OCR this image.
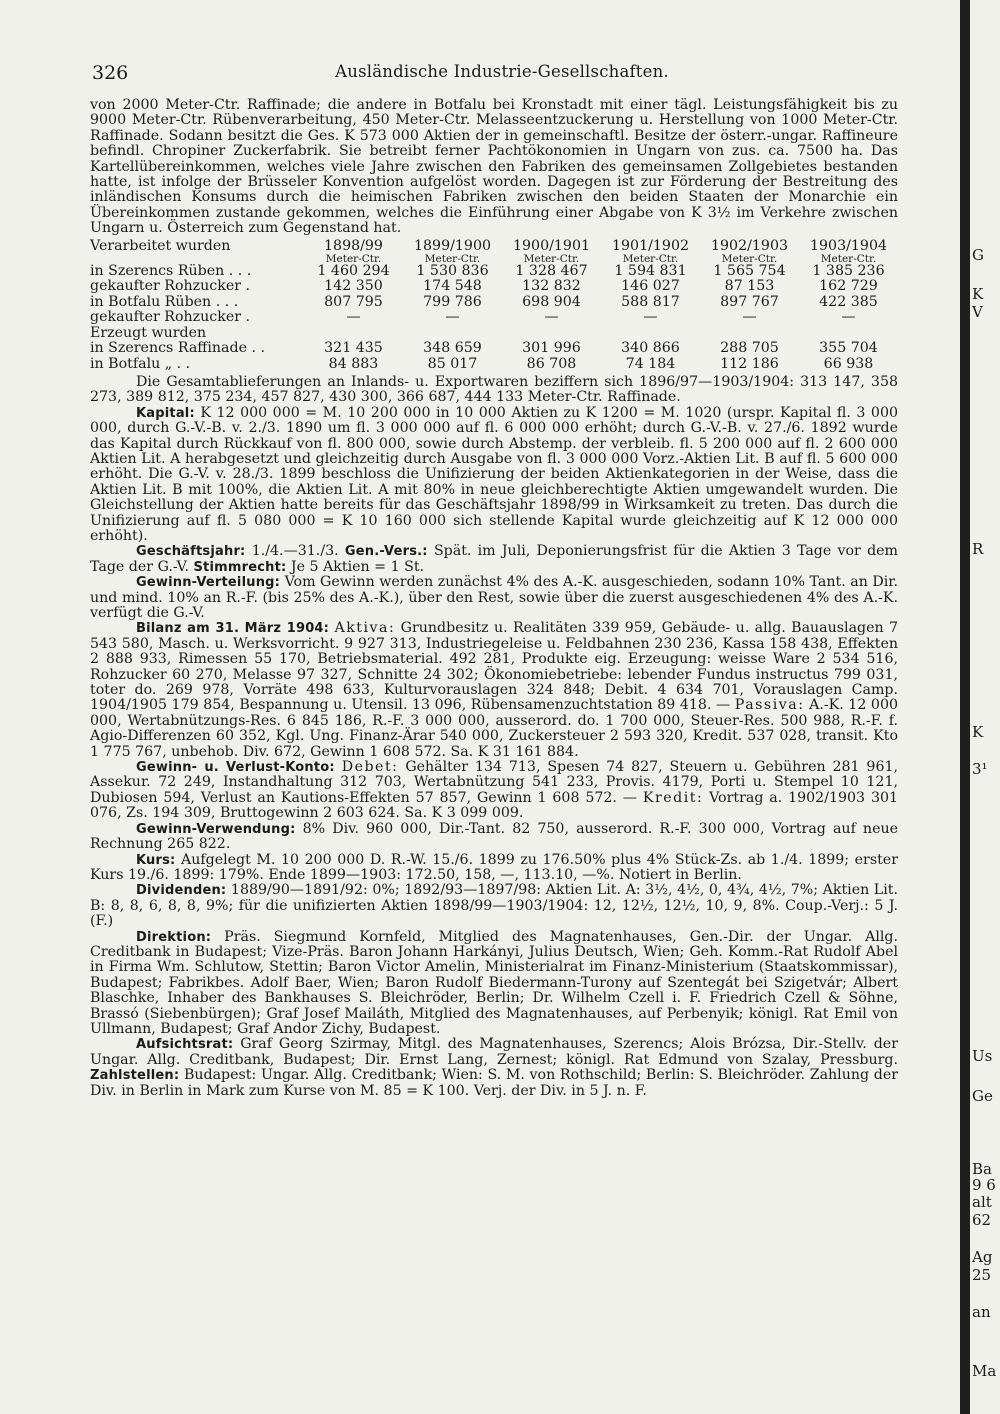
326	Ausländische Industrie-Gesellschaften.

von 2000 Meter-Ctr. Raffinade; die andere in Botfalu bei Kronstadt mit einer tägl. Leistungsfähigkeit bis zu 9000 Meter-Ctr. Rübenverarbeitung, 450 Meter-Ctr. Melasseentzuckerung u. Herstellung von 1000 Meter-Ctr. Raffinade. Sodann besitzt die Ges. K 573 000 Aktien der in gemeinschaftl. Besitze der österr.-ungar. Raffineure befindl. Chropiner Zuckerfabrik. Sie betreibt ferner Pachtökonomien in Ungarn von zus. ca. 7500 ha. Das Kartellübereinkommen, welches viele Jahre zwischen den Fabriken des gemeinsamen Zollgebietes bestanden hatte, ist infolge der Brüsseler Konvention aufgelöst worden. Dagegen ist zur Förderung der Bestreitung des inländischen Konsums durch die heimischen Fabriken zwischen den beiden Staaten der Monarchie ein Übereinkommen zustande gekommen, welches die Einführung einer Abgabe von K 3½ im Verkehre zwischen Ungarn u. Österreich zum Gegenstand hat.

Verarbeitet wurden	1898/99	1899/1900	1900/1901	1901/1902	1902/1903	1903/1904
	Meter-Ctr.	Meter-Ctr.	Meter-Ctr.	Meter-Ctr.	Meter-Ctr.	Meter-Ctr.
in Szerencs Rüben . . .	1 460 294	1 530 836	1 328 467	1 594 831	1 565 754	1 385 236
gekaufter Rohzucker .	142 350	174 548	132 832	146 027	87 153	162 729
in Botfalu Rüben . . .	807 795	799 786	698 904	588 817	897 767	422 385
gekaufter Rohzucker .	—	—	—	—	—	—
Erzeugt wurden						
in Szerencs Raffinade . .	321 435	348 659	301 996	340 866	288 705	355 704
in Botfalu „ . .	84 883	85 017	86 708	74 184	112 186	66 938

Die Gesamtablieferungen an Inlands- u. Exportwaren beziffern sich 1896/97—1903/1904: 313 147, 358 273, 389 812, 375 234, 457 827, 430 300, 366 687, 444 133 Meter-Ctr. Raffinade.

Kapital: K 12 000 000 = M. 10 200 000 in 10 000 Aktien zu K 1200 = M. 1020 (urspr. Kapital fl. 3 000 000, durch G.-V.-B. v. 2./3. 1890 um fl. 3 000 000 auf fl. 6 000 000 erhöht; durch G.-V.-B. v. 27./6. 1892 wurde das Kapital durch Rückkauf von fl. 800 000, sowie durch Abstemp. der verbleib. fl. 5 200 000 auf fl. 2 600 000 Aktien Lit. A herabgesetzt und gleichzeitig durch Ausgabe von fl. 3 000 000 Vorz.-Aktien Lit. B auf fl. 5 600 000 erhöht. Die G.-V. v. 28./3. 1899 beschloss die Unifizierung der beiden Aktienkategorien in der Weise, dass die Aktien Lit. B mit 100%, die Aktien Lit. A mit 80% in neue gleichberechtigte Aktien umgewandelt wurden. Die Gleichstellung der Aktien hatte bereits für das Geschäftsjahr 1898/99 in Wirksamkeit zu treten. Das durch die Unifizierung auf fl. 5 080 000 = K 10 160 000 sich stellende Kapital wurde gleichzeitig auf K 12 000 000 erhöht).

Geschäftsjahr: 1./4.—31./3. Gen.-Vers.: Spät. im Juli, Deponierungsfrist für die Aktien 3 Tage vor dem Tage der G.-V. Stimmrecht: Je 5 Aktien = 1 St.

Gewinn-Verteilung: Vom Gewinn werden zunächst 4% des A.-K. ausgeschieden, sodann 10% Tant. an Dir. und mind. 10% an R.-F. (bis 25% des A.-K.), über den Rest, sowie über die zuerst ausgeschiedenen 4% des A.-K. verfügt die G.-V.

Bilanz am 31. März 1904: Aktiva: Grundbesitz u. Realitäten 339 959, Gebäude- u. allg. Bauauslagen 7 543 580, Masch. u. Werksvorricht. 9 927 313, Industriegeleise u. Feldbahnen 230 236, Kassa 158 438, Effekten 2 888 933, Rimessen 55 170, Betriebsmaterial. 492 281, Produkte eig. Erzeugung: weisse Ware 2 534 516, Rohzucker 60 270, Melasse 97 327, Schnitte 24 302; Ökonomiebetriebe: lebender Fundus instructus 799 031, toter do. 269 978, Vorräte 498 633, Kulturvorauslagen 324 848; Debit. 4 634 701, Vorauslagen Camp. 1904/1905 179 854, Bespannung u. Utensil. 13 096, Rübensamenzuchtstation 89 418. — Passiva: A.-K. 12 000 000, Wertabnützungs-Res. 6 845 186, R.-F. 3 000 000, ausserord. do. 1 700 000, Steuer-Res. 500 988, R.-F. f. Agio-Differenzen 60 352, Kgl. Ung. Finanz-Ärar 540 000, Zuckersteuer 2 593 320, Kredit. 537 028, transit. Kto 1 775 767, unbehob. Div. 672, Gewinn 1 608 572. Sa. K 31 161 884.

Gewinn- u. Verlust-Konto: Debet: Gehälter 134 713, Spesen 74 827, Steuern u. Gebühren 281 961, Assekur. 72 249, Instandhaltung 312 703, Wertabnützung 541 233, Provis. 4179, Porti u. Stempel 10 121, Dubiosen 594, Verlust an Kautions-Effekten 57 857, Gewinn 1 608 572. — Kredit: Vortrag a. 1902/1903 301 076, Zs. 194 309, Bruttogewinn 2 603 624. Sa. K 3 099 009.

Gewinn-Verwendung: 8% Div. 960 000, Dir.-Tant. 82 750, ausserord. R.-F. 300 000, Vortrag auf neue Rechnung 265 822.

Kurs: Aufgelegt M. 10 200 000 D. R.-W. 15./6. 1899 zu 176.50% plus 4% Stück-Zs. ab 1./4. 1899; erster Kurs 19./6. 1899: 179%. Ende 1899—1903: 172.50, 158, —, 113.10, —%. Notiert in Berlin.

Dividenden: 1889/90—1891/92: 0%; 1892/93—1897/98: Aktien Lit. A: 3½, 4½, 0, 4¾, 4½, 7%; Aktien Lit. B: 8, 8, 6, 8, 8, 9%; für die unifizierten Aktien 1898/99—1903/1904: 12, 12½, 12½, 10, 9, 8%. Coup.-Verj.: 5 J. (F.)

Direktion: Präs. Siegmund Kornfeld, Mitglied des Magnatenhauses, Gen.-Dir. der Ungar. Allg. Creditbank in Budapest; Vize-Präs. Baron Johann Harkányi, Julius Deutsch, Wien; Geh. Komm.-Rat Rudolf Abel in Firma Wm. Schlutow, Stettin; Baron Victor Amelin, Ministerialrat im Finanz-Ministerium (Staatskommissar), Budapest; Fabrikbes. Adolf Baer, Wien; Baron Rudolf Biedermann-Turony auf Szentegát bei Szigetvár; Albert Blaschke, Inhaber des Bankhauses S. Bleichröder, Berlin; Dr. Wilhelm Czell i. F. Friedrich Czell & Söhne, Brassó (Siebenbürgen); Graf Josef Mailáth, Mitglied des Magnatenhauses, auf Perbenyik; königl. Rat Emil von Ullmann, Budapest; Graf Andor Zichy, Budapest.

Aufsichtsrat: Graf Georg Szirmay, Mitgl. des Magnatenhauses, Szerencs; Alois Brózsa, Dir.-Stellv. der Ungar. Allg. Creditbank, Budapest; Dir. Ernst Lang, Zernest; königl. Rat Edmund von Szalay, Pressburg. Zahlstellen: Budapest: Ungar. Allg. Creditbank; Wien: S. M. von Rothschild; Berlin: S. Bleichröder. Zahlung der Div. in Berlin in Mark zum Kurse von M. 85 = K 100. Verj. der Div. in 5 J. n. F.

G
K
V
R
K
3¹
Us
Ge
Ba
9 6
alt
62
Ag
25
an
Ma
